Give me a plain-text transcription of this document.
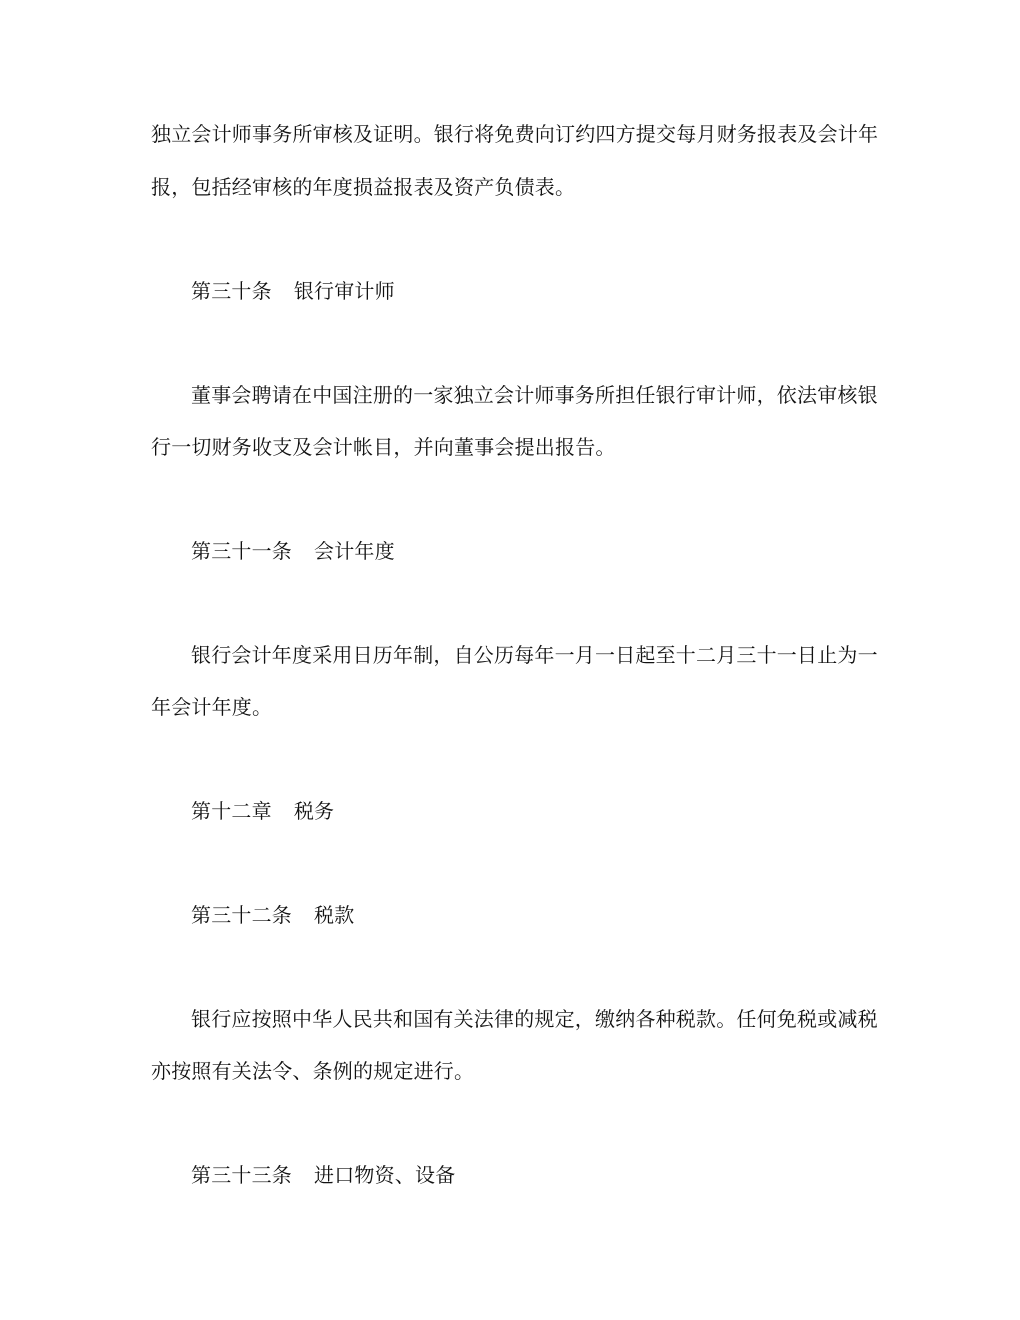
独立会计师事务所审核及证明。银行将免费向订约四方提交每月财务报表及会计年
报，包括经审核的年度损益报表及资产负债表。
第三十条 银行审计师
董事会聘请在中国注册的一家独立会计师事务所担任银行审计师，依法审核银
行一切财务收支及会计帐目，并向董事会提出报告。
第三十一条 会计年度
银行会计年度采用日历年制，自公历每年一月一日起至十二月三十一日止为一
年会计年度。
第十二章 税务
第三十二条 税款
银行应按照中华人民共和国有关法律的规定，缴纳各种税款。任何免税或减税
亦按照有关法令、条例的规定进行。
第三十三条 进口物资、设备
